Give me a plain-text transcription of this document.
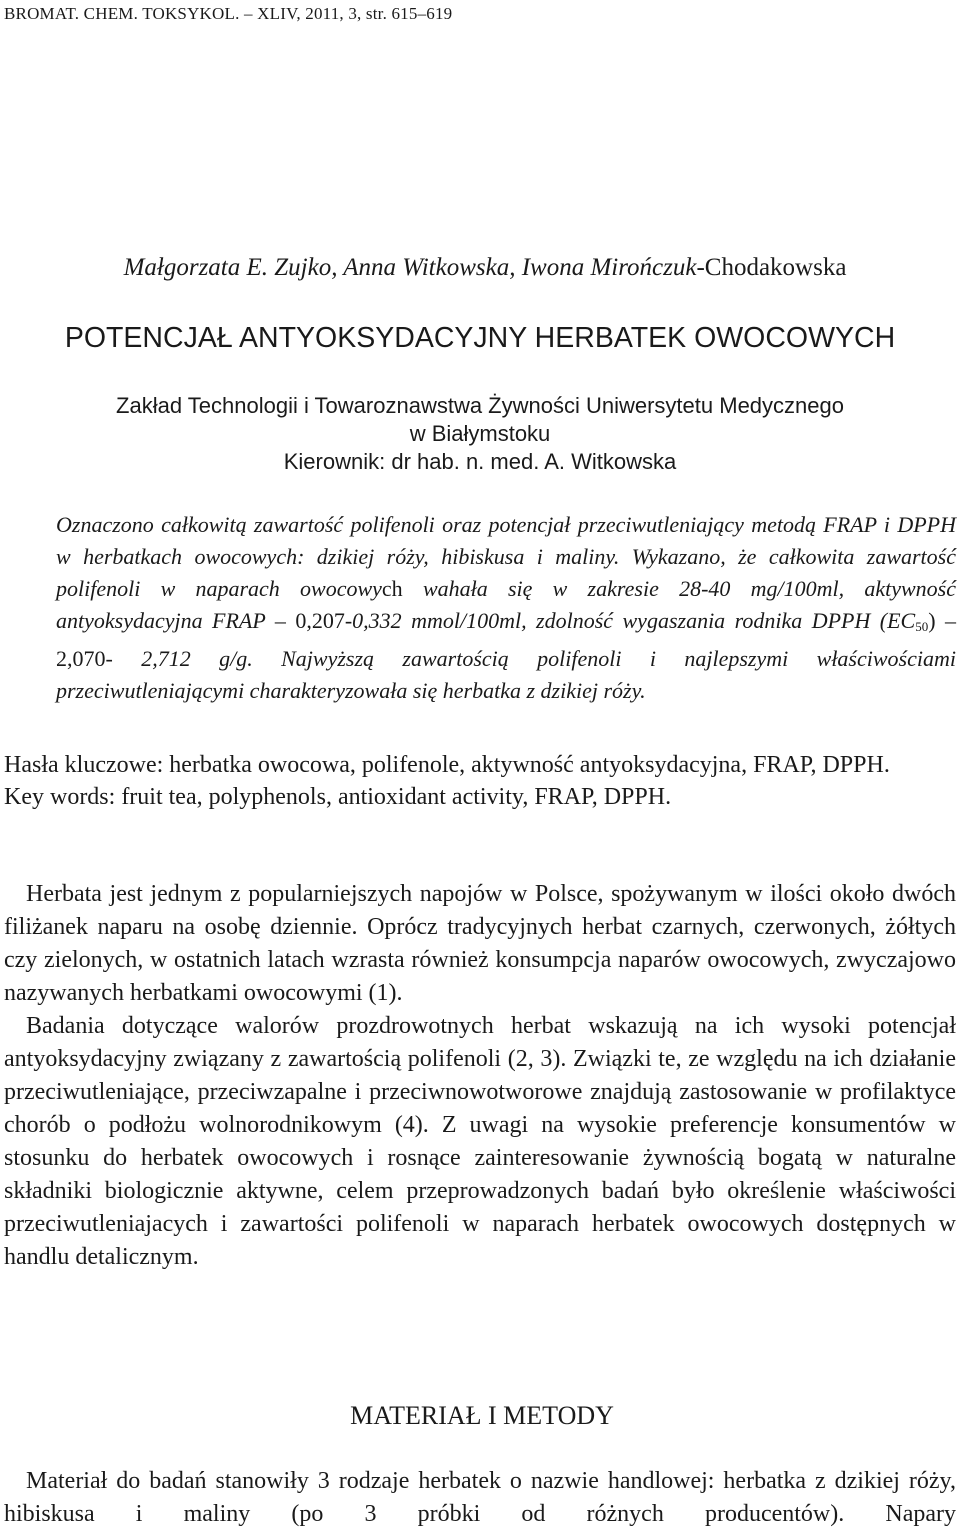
BROMAT. CHEM. TOKSYKOL. – XLIV, 2011, 3, str. 615–619
Małgorzata E. Zujko, Anna Witkowska, Iwona Mirończuk-Chodakowska
POTENCJAŁ ANTYOKSYDACYJNY HERBATEK OWOCOWYCH
Zakład Technologii i Towaroznawstwa Żywności Uniwersytetu Medycznego
w Białymstoku
Kierownik: dr hab. n. med. A. Witkowska
Oznaczono całkowitą zawartość polifenoli oraz potencjał przeciwutleniający metodą FRAP i DPPH w herbatkach owocowych: dzikiej róży, hibiskusa i maliny. Wykazano, że całkowita zawartość polifenoli w naparach owocowych wahała się w zakresie 28-40 mg/100ml, aktywność antyoksydacyjna FRAP – 0,207-0,332 mmol/100ml, zdolność wygaszania rodnika DPPH $(EC_{50}) - 2,070-$ 2,712 g/g. Najwyższą zawartością polifenoli i najlepszymi właściwościami przeciwutleniającymi charakteryzowała się herbatka z dzikiej róży.
Hasła kluczowe: herbatka owocowa, polifenole, aktywność antyoksydacyjna, FRAP, DPPH.
Key words: fruit tea, polyphenols, antioxidant activity, FRAP, DPPH.

Herbata jest jednym z popularniejszych napojów w Polsce, spożywanym w ilości około dwóch filiżanek naparu na osobę dziennie. Oprócz tradycyjnych herbat czarnych, czerwonych, żółtych czy zielonych, w ostatnich latach wzrasta również konsumpcja naparów owocowych, zwyczajowo nazywanych herbatkami owocowymi (1).

Badania dotyczące walorów prozdrowotnych herbat wskazują na ich wysoki potencjał antyoksydacyjny związany z zawartością polifenoli (2, 3). Związki te, ze względu na ich działanie przeciwutleniające, przeciwzapalne i przeciwnowotworowe znajdują zastosowanie w profilaktyce chorób o podłożu wolnorodnikowym (4). Z uwagi na wysokie preferencje konsumentów w stosunku do herbatek owocowych i rosnące zainteresowanie żywnością bogatą w naturalne składniki biologicznie aktywne, celem przeprowadzonych badań było określenie właściwości przeciwutleniajacych i zawartości polifenoli w naparach herbatek owocowych dostępnych w handlu detalicznym.

MATERIAŁ I METODY

Materiał do badań stanowiły 3 rodzaje herbatek o nazwie handlowej: herbatka z dzikiej róży, hibiskusa i maliny (po 3 próbki od różnych producentów). Napary
